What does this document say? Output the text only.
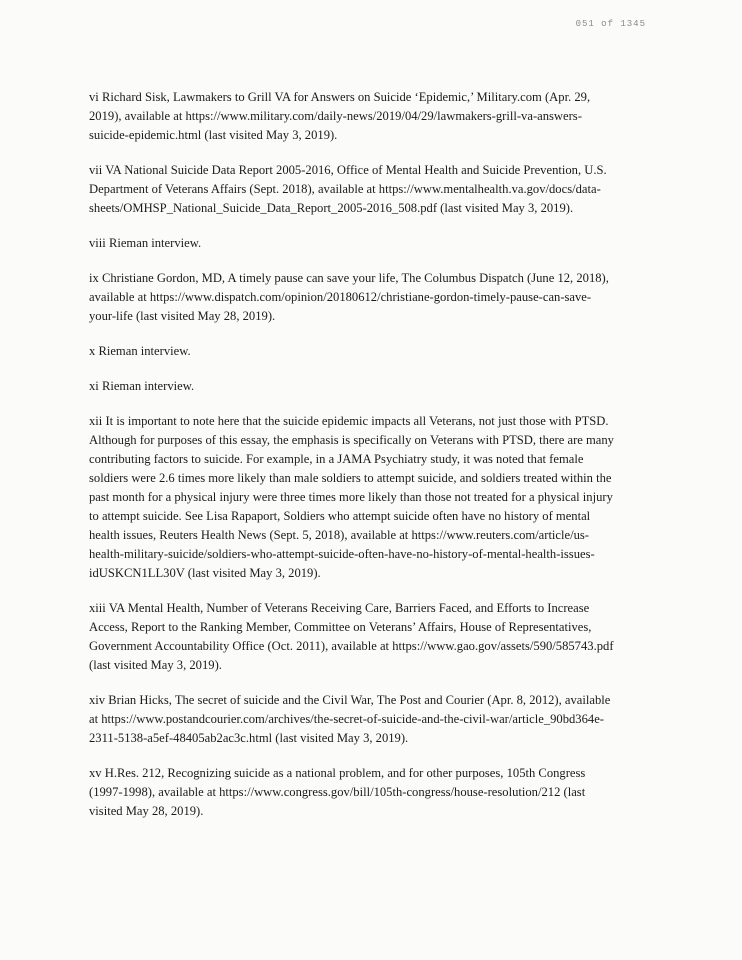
051 of 1345

vi Richard Sisk, Lawmakers to Grill VA for Answers on Suicide ‘Epidemic,’ Military.com (Apr. 29, 2019), available at https://www.military.com/daily-news/2019/04/29/lawmakers-grill-va-answers-suicide-epidemic.html (last visited May 3, 2019).

vii VA National Suicide Data Report 2005-2016, Office of Mental Health and Suicide Prevention, U.S. Department of Veterans Affairs (Sept. 2018), available at https://www.mentalhealth.va.gov/docs/data-sheets/OMHSP_National_Suicide_Data_Report_2005-2016_508.pdf (last visited May 3, 2019).

viii Rieman interview.

ix Christiane Gordon, MD, A timely pause can save your life, The Columbus Dispatch (June 12, 2018), available at https://www.dispatch.com/opinion/20180612/christiane-gordon-timely-pause-can-save-your-life (last visited May 28, 2019).

x Rieman interview.

xi Rieman interview.

xii It is important to note here that the suicide epidemic impacts all Veterans, not just those with PTSD. Although for purposes of this essay, the emphasis is specifically on Veterans with PTSD, there are many contributing factors to suicide. For example, in a JAMA Psychiatry study, it was noted that female soldiers were 2.6 times more likely than male soldiers to attempt suicide, and soldiers treated within the past month for a physical injury were three times more likely than those not treated for a physical injury to attempt suicide. See Lisa Rapaport, Soldiers who attempt suicide often have no history of mental health issues, Reuters Health News (Sept. 5, 2018), available at https://www.reuters.com/article/us-health-military-suicide/soldiers-who-attempt-suicide-often-have-no-history-of-mental-health-issues-idUSKCN1LL30V (last visited May 3, 2019).

xiii VA Mental Health, Number of Veterans Receiving Care, Barriers Faced, and Efforts to Increase Access, Report to the Ranking Member, Committee on Veterans’ Affairs, House of Representatives, Government Accountability Office (Oct. 2011), available at https://www.gao.gov/assets/590/585743.pdf (last visited May 3, 2019).

xiv Brian Hicks, The secret of suicide and the Civil War, The Post and Courier (Apr. 8, 2012), available at https://www.postandcourier.com/archives/the-secret-of-suicide-and-the-civil-war/article_90bd364e-2311-5138-a5ef-48405ab2ac3c.html (last visited May 3, 2019).

xv H.Res. 212, Recognizing suicide as a national problem, and for other purposes, 105th Congress (1997-1998), available at https://www.congress.gov/bill/105th-congress/house-resolution/212 (last visited May 28, 2019).
